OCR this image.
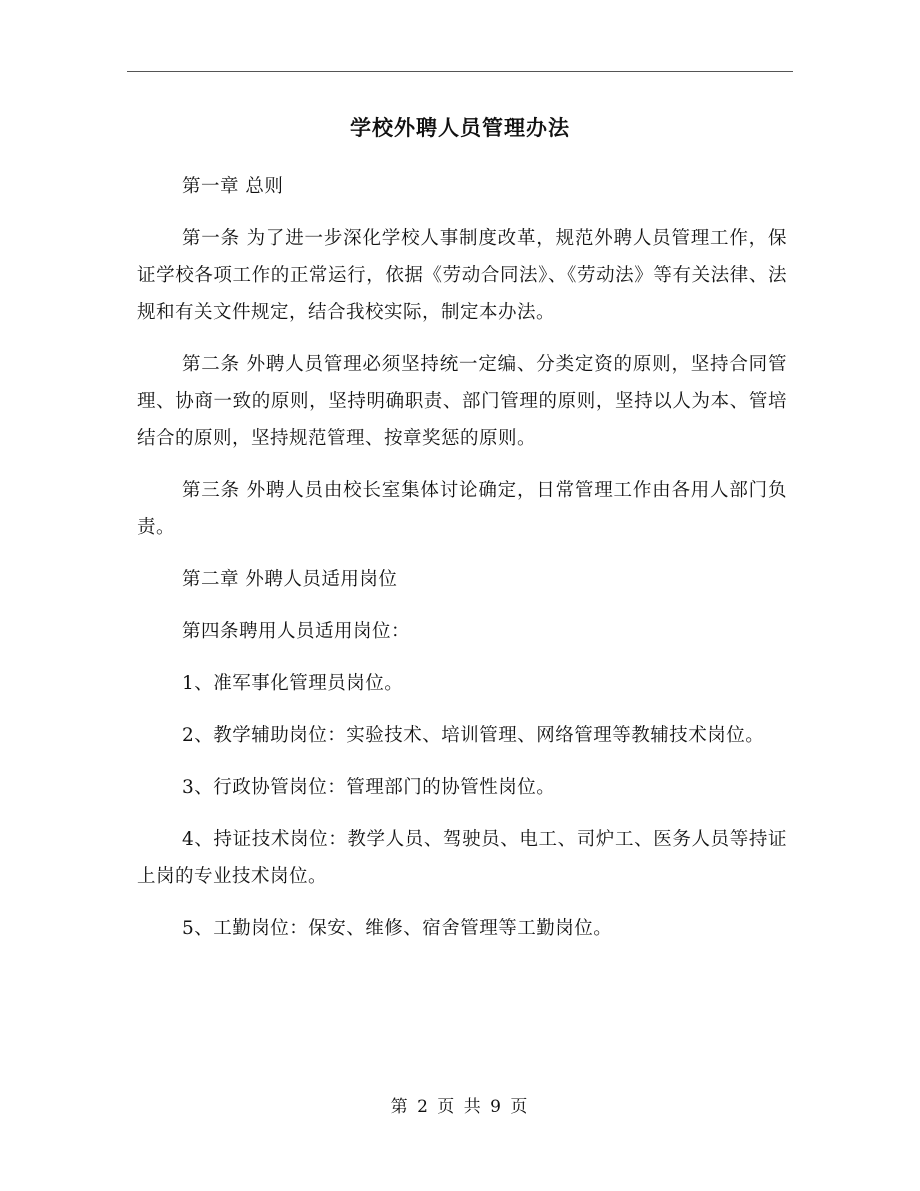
学校外聘人员管理办法

第一章 总则

第一条 为了进一步深化学校人事制度改革，规范外聘人员管理工作，保证学校各项工作的正常运行，依据《劳动合同法》、《劳动法》等有关法律、法规和有关文件规定，结合我校实际，制定本办法。

第二条 外聘人员管理必须坚持统一定编、分类定资的原则，坚持合同管理、协商一致的原则，坚持明确职责、部门管理的原则，坚持以人为本、管培结合的原则，坚持规范管理、按章奖惩的原则。

第三条 外聘人员由校长室集体讨论确定，日常管理工作由各用人部门负责。

第二章 外聘人员适用岗位

第四条聘用人员适用岗位：

1、准军事化管理员岗位。

2、教学辅助岗位：实验技术、培训管理、网络管理等教辅技术岗位。

3、行政协管岗位：管理部门的协管性岗位。

4、持证技术岗位：教学人员、驾驶员、电工、司炉工、医务人员等持证上岗的专业技术岗位。

5、工勤岗位：保安、维修、宿舍管理等工勤岗位。

第 2 页 共 9 页
